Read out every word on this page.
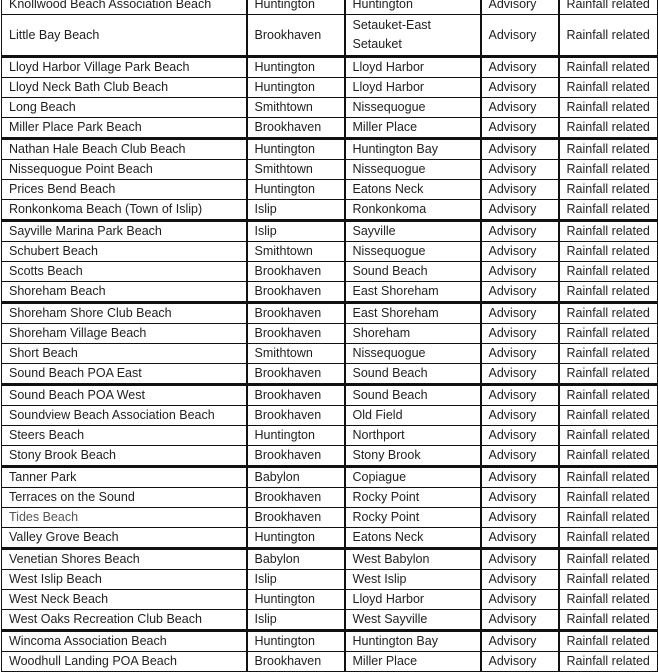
Knollwood Beach Association Beach	Huntington	Huntington	Advisory	Rainfall related
Little Bay Beach	Brookhaven	Setauket-East Setauket	Advisory	Rainfall related
Lloyd Harbor Village Park Beach	Huntington	Lloyd Harbor	Advisory	Rainfall related
Lloyd Neck Bath Club Beach	Huntington	Lloyd Harbor	Advisory	Rainfall related
Long Beach	Smithtown	Nissequogue	Advisory	Rainfall related
Miller Place Park Beach	Brookhaven	Miller Place	Advisory	Rainfall related
Nathan Hale Beach Club Beach	Huntington	Huntington Bay	Advisory	Rainfall related
Nissequogue Point Beach	Smithtown	Nissequogue	Advisory	Rainfall related
Prices Bend Beach	Huntington	Eatons Neck	Advisory	Rainfall related
Ronkonkoma Beach (Town of Islip)	Islip	Ronkonkoma	Advisory	Rainfall related
Sayville Marina Park Beach	Islip	Sayville	Advisory	Rainfall related
Schubert Beach	Smithtown	Nissequogue	Advisory	Rainfall related
Scotts Beach	Brookhaven	Sound Beach	Advisory	Rainfall related
Shoreham Beach	Brookhaven	East Shoreham	Advisory	Rainfall related
Shoreham Shore Club Beach	Brookhaven	East Shoreham	Advisory	Rainfall related
Shoreham Village Beach	Brookhaven	Shoreham	Advisory	Rainfall related
Short Beach	Smithtown	Nissequogue	Advisory	Rainfall related
Sound Beach POA East	Brookhaven	Sound Beach	Advisory	Rainfall related
Sound Beach POA West	Brookhaven	Sound Beach	Advisory	Rainfall related
Soundview Beach Association Beach	Brookhaven	Old Field	Advisory	Rainfall related
Steers Beach	Huntington	Northport	Advisory	Rainfall related
Stony Brook Beach	Brookhaven	Stony Brook	Advisory	Rainfall related
Tanner Park	Babylon	Copiague	Advisory	Rainfall related
Terraces on the Sound	Brookhaven	Rocky Point	Advisory	Rainfall related
Tides Beach	Brookhaven	Rocky Point	Advisory	Rainfall related
Valley Grove Beach	Huntington	Eatons Neck	Advisory	Rainfall related
Venetian Shores Beach	Babylon	West Babylon	Advisory	Rainfall related
West Islip Beach	Islip	West Islip	Advisory	Rainfall related
West Neck Beach	Huntington	Lloyd Harbor	Advisory	Rainfall related
West Oaks Recreation Club Beach	Islip	West Sayville	Advisory	Rainfall related
Wincoma Association Beach	Huntington	Huntington Bay	Advisory	Rainfall related
Woodhull Landing POA Beach	Brookhaven	Miller Place	Advisory	Rainfall related
